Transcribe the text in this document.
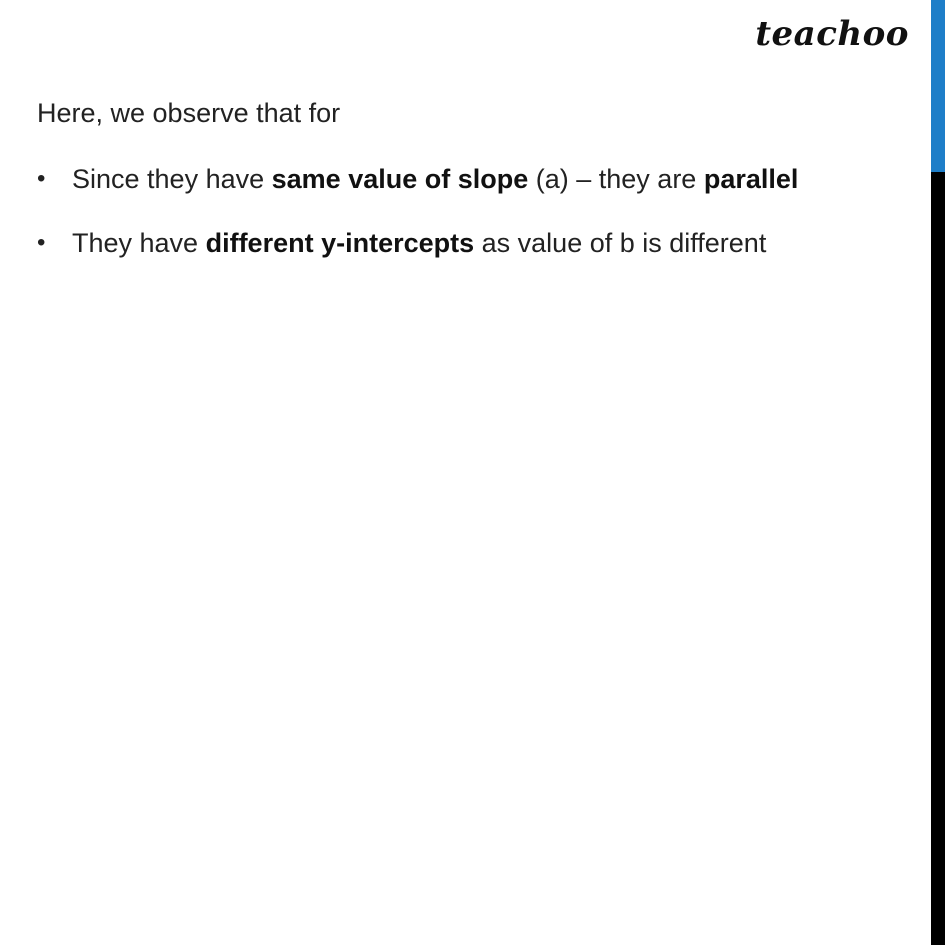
teachoo

Here, we observe that for

• Since they have same value of slope (a) – they are parallel
• They have different y-intercepts as value of b is different
